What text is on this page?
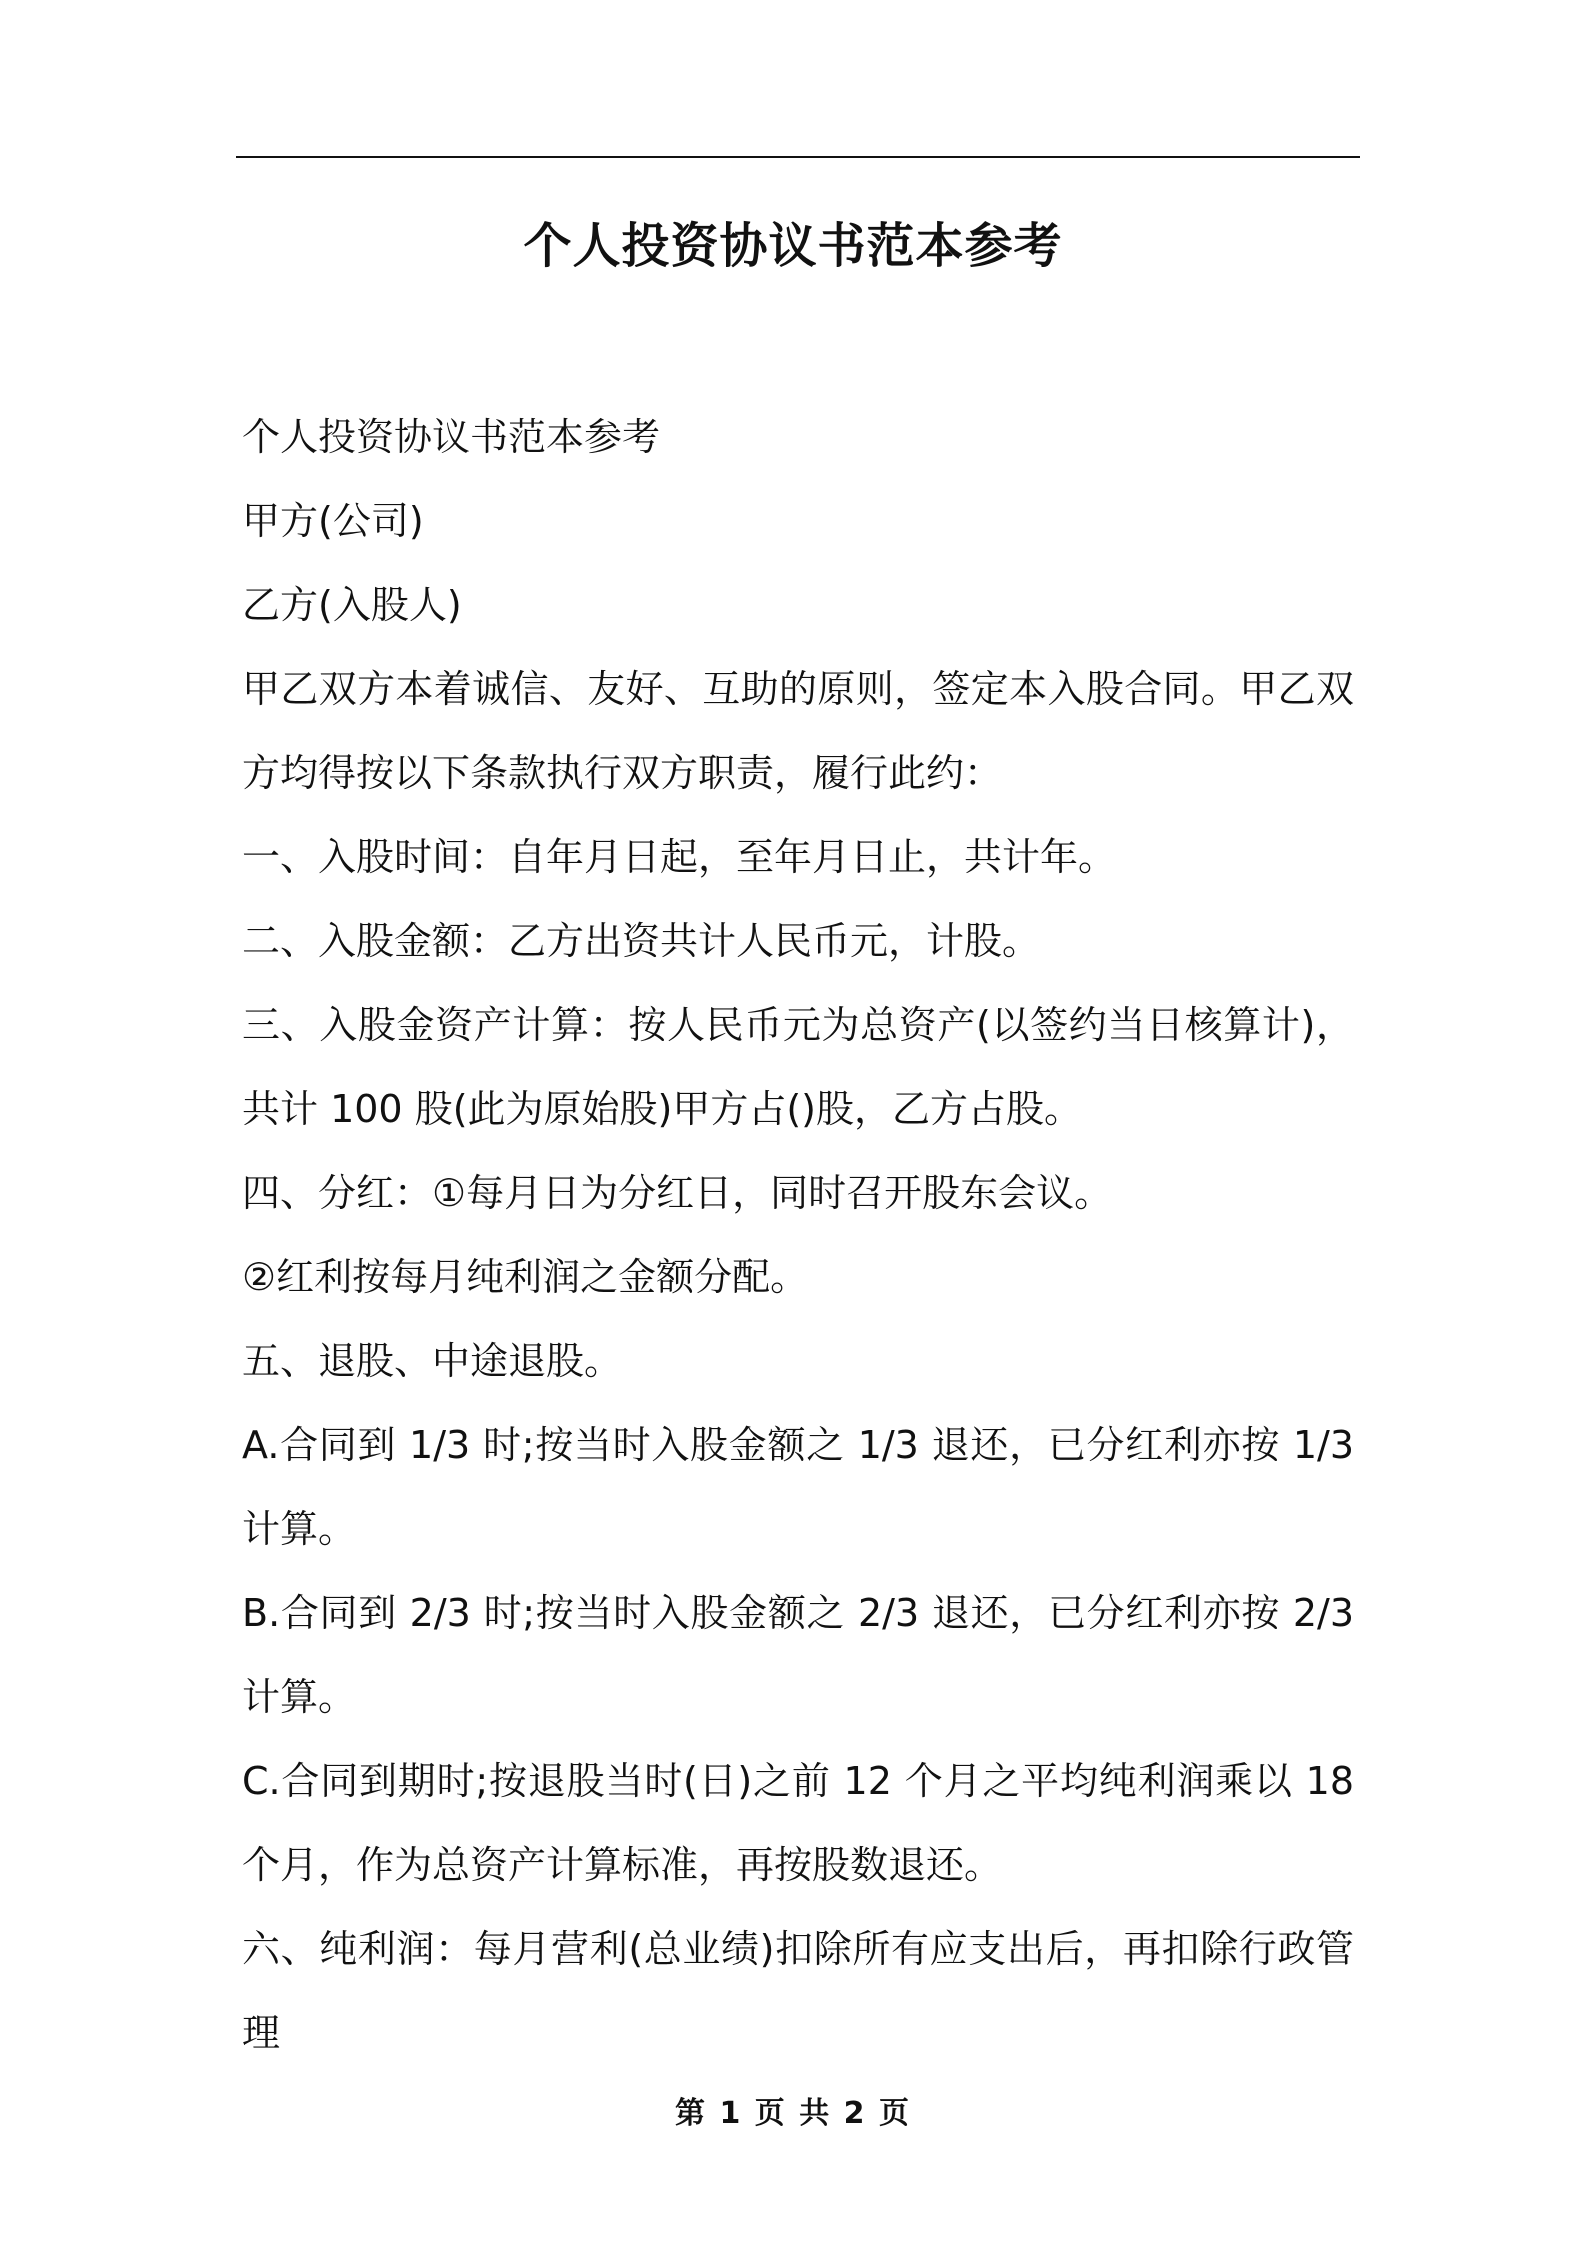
个人投资协议书范本参考

个人投资协议书范本参考

甲方(公司)

乙方(入股人)

甲乙双方本着诚信、友好、互助的原则，签定本入股合同。甲乙双方均得按以下条款执行双方职责，履行此约：

一、入股时间：自年月日起，至年月日止，共计年。

二、入股金额：乙方出资共计人民币元，计股。

三、入股金资产计算：按人民币元为总资产(以签约当日核算计)，共计 100 股(此为原始股)甲方占()股，乙方占股。

四、分红：①每月日为分红日，同时召开股东会议。

②红利按每月纯利润之金额分配。

五、退股、中途退股。

A.合同到 1/3 时;按当时入股金额之 1/3 退还，已分红利亦按 1/3 计算。

B.合同到 2/3 时;按当时入股金额之 2/3 退还，已分红利亦按 2/3 计算。

C.合同到期时;按退股当时(日)之前 12 个月之平均纯利润乘以 18 个月，作为总资产计算标准，再按股数退还。

六、纯利润：每月营利(总业绩)扣除所有应支出后，再扣除行政管理

第 1 页 共 2 页
